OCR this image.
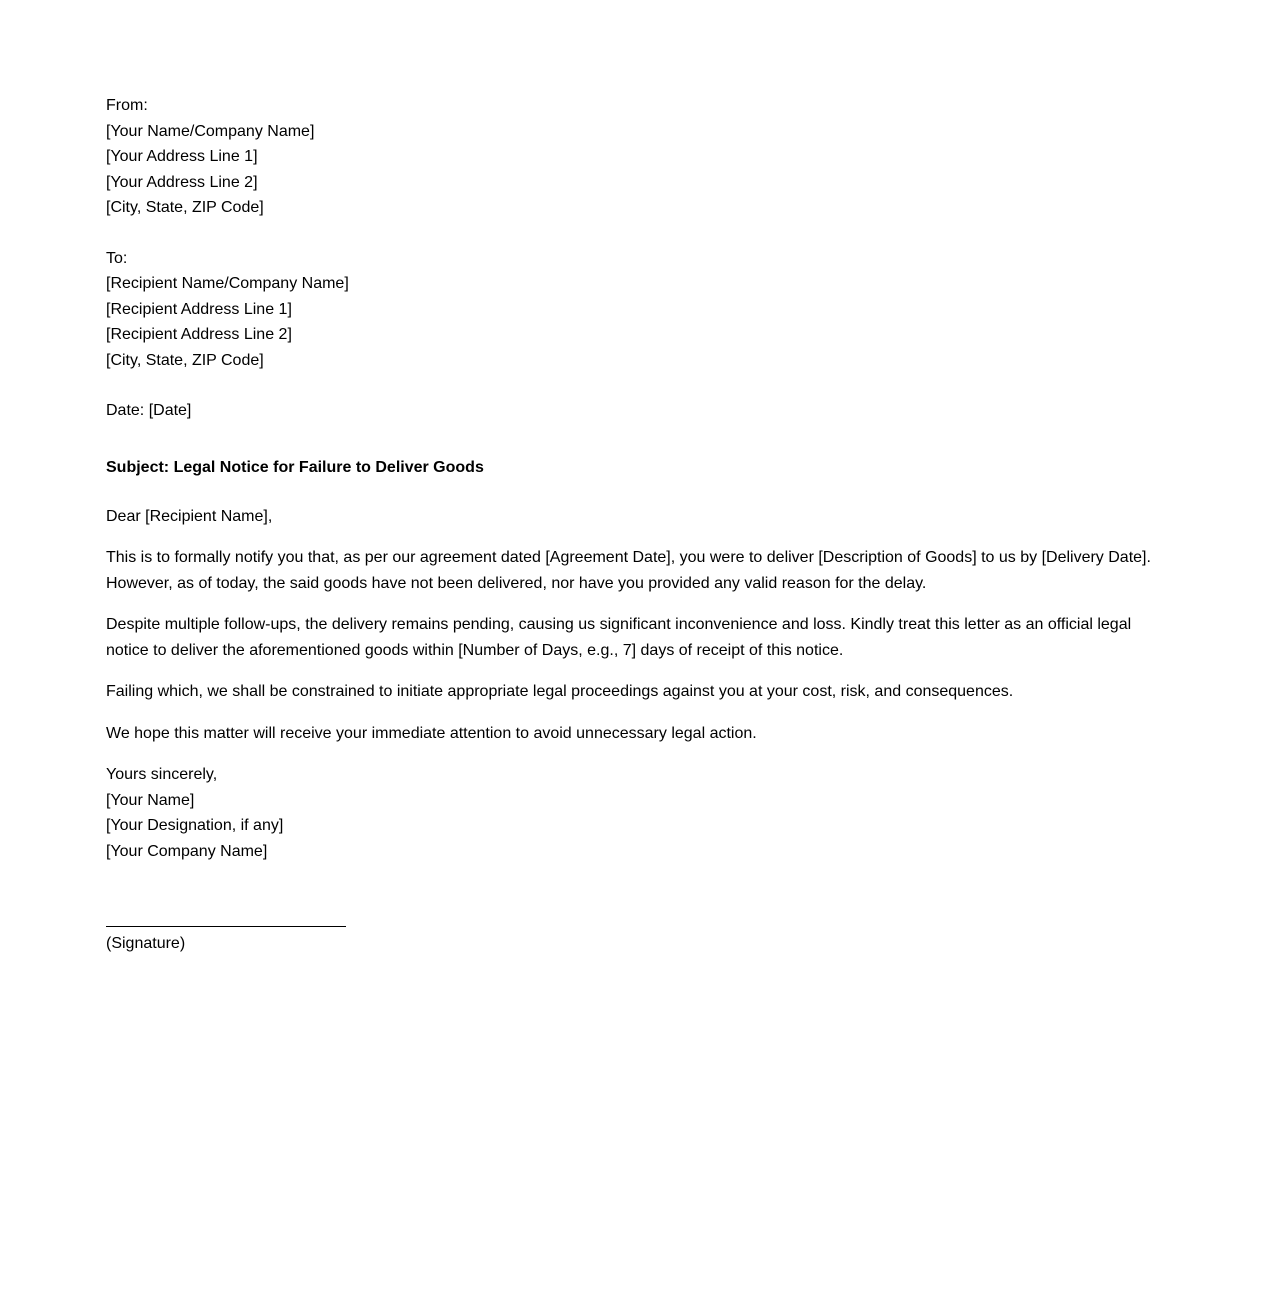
From:
[Your Name/Company Name]
[Your Address Line 1]
[Your Address Line 2]
[City, State, ZIP Code]
To:
[Recipient Name/Company Name]
[Recipient Address Line 1]
[Recipient Address Line 2]
[City, State, ZIP Code]
Date: [Date]
Subject: Legal Notice for Failure to Deliver Goods

Dear [Recipient Name],

This is to formally notify you that, as per our agreement dated [Agreement Date], you were to deliver [Description of Goods] to us by [Delivery Date]. However, as of today, the said goods have not been delivered, nor have you provided any valid reason for the delay.

Despite multiple follow-ups, the delivery remains pending, causing us significant inconvenience and loss. Kindly treat this letter as an official legal notice to deliver the aforementioned goods within [Number of Days, e.g., 7] days of receipt of this notice.

Failing which, we shall be constrained to initiate appropriate legal proceedings against you at your cost, risk, and consequences.

We hope this matter will receive your immediate attention to avoid unnecessary legal action.

Yours sincerely,
[Your Name]
[Your Designation, if any]
[Your Company Name]
(Signature)
